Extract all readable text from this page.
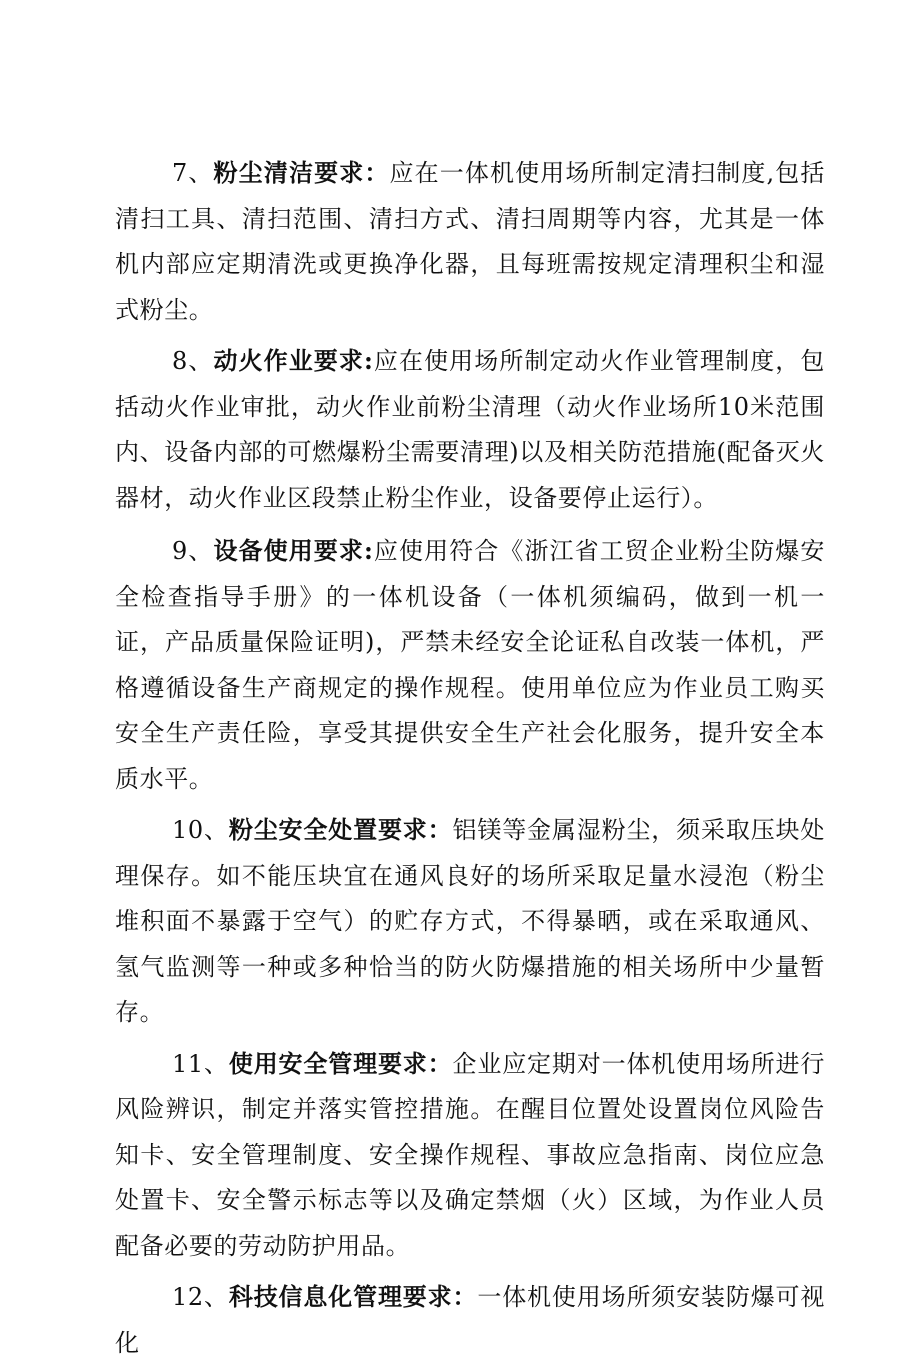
7、粉尘清洁要求：应在一体机使用场所制定清扫制度,包括清扫工具、清扫范围、清扫方式、清扫周期等内容，尤其是一体机内部应定期清洗或更换净化器，且每班需按规定清理积尘和湿式粉尘。

8、动火作业要求:应在使用场所制定动火作业管理制度，包括动火作业审批，动火作业前粉尘清理（动火作业场所10米范围内、设备内部的可燃爆粉尘需要清理)以及相关防范措施(配备灭火器材，动火作业区段禁止粉尘作业，设备要停止运行）。

9、设备使用要求:应使用符合《浙江省工贸企业粉尘防爆安全检查指导手册》的一体机设备（一体机须编码，做到一机一证，产品质量保险证明)，严禁未经安全论证私自改装一体机，严格遵循设备生产商规定的操作规程。使用单位应为作业员工购买安全生产责任险，享受其提供安全生产社会化服务，提升安全本质水平。

10、粉尘安全处置要求：铝镁等金属湿粉尘，须采取压块处理保存。如不能压块宜在通风良好的场所采取足量水浸泡（粉尘堆积面不暴露于空气）的贮存方式，不得暴晒，或在采取通风、氢气监测等一种或多种恰当的防火防爆措施的相关场所中少量暂存。

11、使用安全管理要求：企业应定期对一体机使用场所进行风险辨识，制定并落实管控措施。在醒目位置处设置岗位风险告知卡、安全管理制度、安全操作规程、事故应急指南、岗位应急处置卡、安全警示标志等以及确定禁烟（火）区域，为作业人员配备必要的劳动防护用品。

12、科技信息化管理要求：一体机使用场所须安装防爆可视化
